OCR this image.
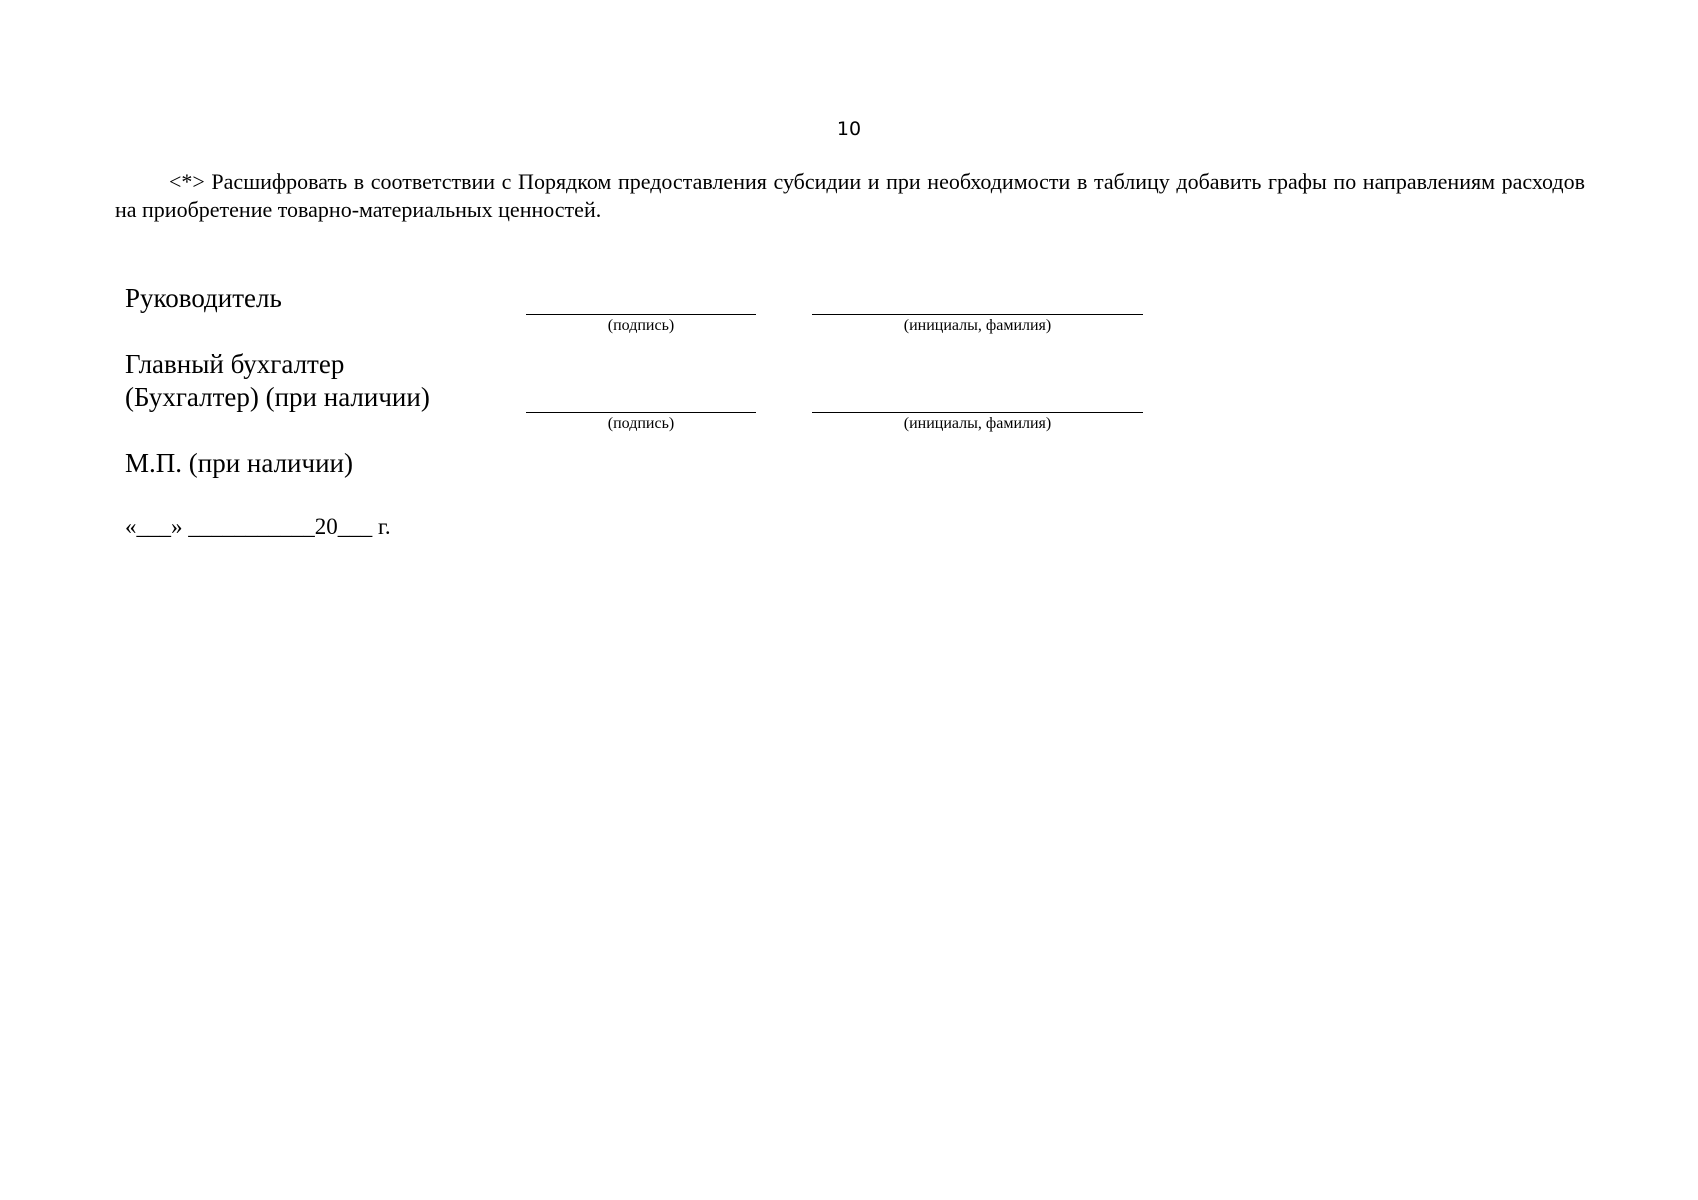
10

<*> Расшифровать в соответствии с Порядком предоставления субсидии и при необходимости в таблицу добавить графы по направлениям расходов на приобретение товарно-материальных ценностей.

Руководитель
(подпись)	(инициалы, фамилия)
Главный бухгалтер
(Бухгалтер) (при наличии)
(подпись)	(инициалы, фамилия)
М.П. (при наличии)
«___» ___________20___ г.
